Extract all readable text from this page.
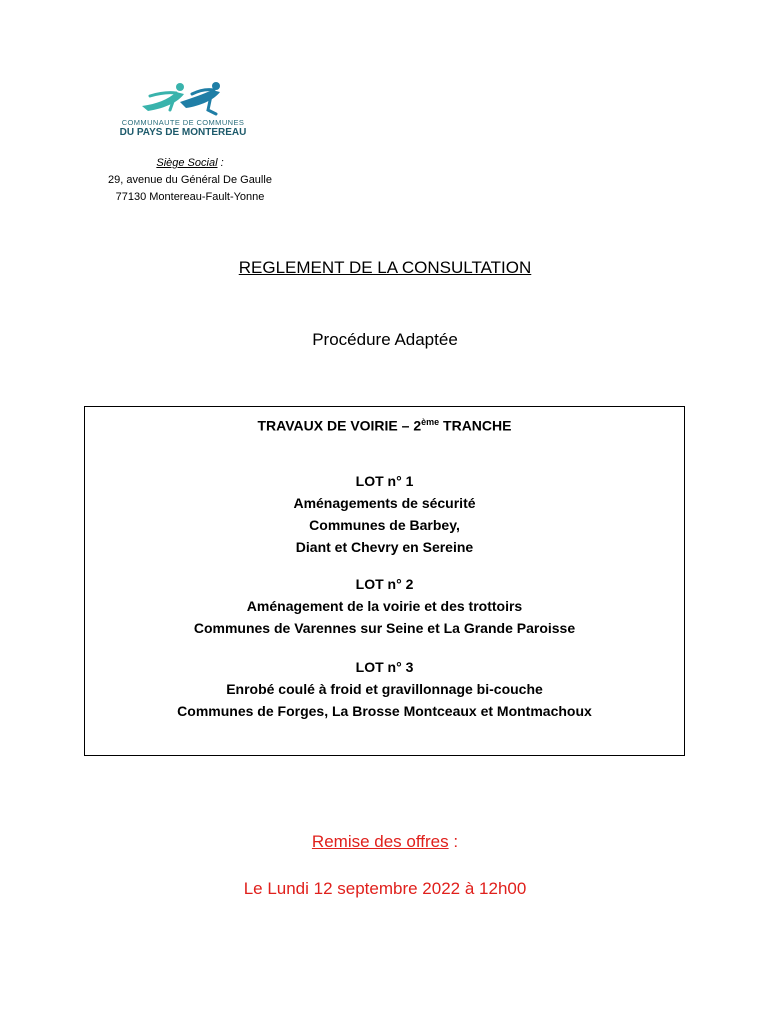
COMMUNAUTE DE COMMUNES
DU PAYS DE MONTEREAU
Siège Social :
29, avenue du Général De Gaulle
77130 Montereau-Fault-Yonne
REGLEMENT DE LA CONSULTATION
Procédure Adaptée
TRAVAUX DE VOIRIE – 2ème TRANCHE
LOT n° 1
Aménagements de sécurité
Communes de Barbey,
Diant et Chevry en Sereine
LOT n° 2
Aménagement de la voirie et des trottoirs
Communes de Varennes sur Seine et La Grande Paroisse
LOT n° 3
Enrobé coulé à froid et gravillonnage bi-couche
Communes de Forges, La Brosse Montceaux et Montmachoux
Remise des offres :
Le Lundi 12 septembre 2022 à 12h00
